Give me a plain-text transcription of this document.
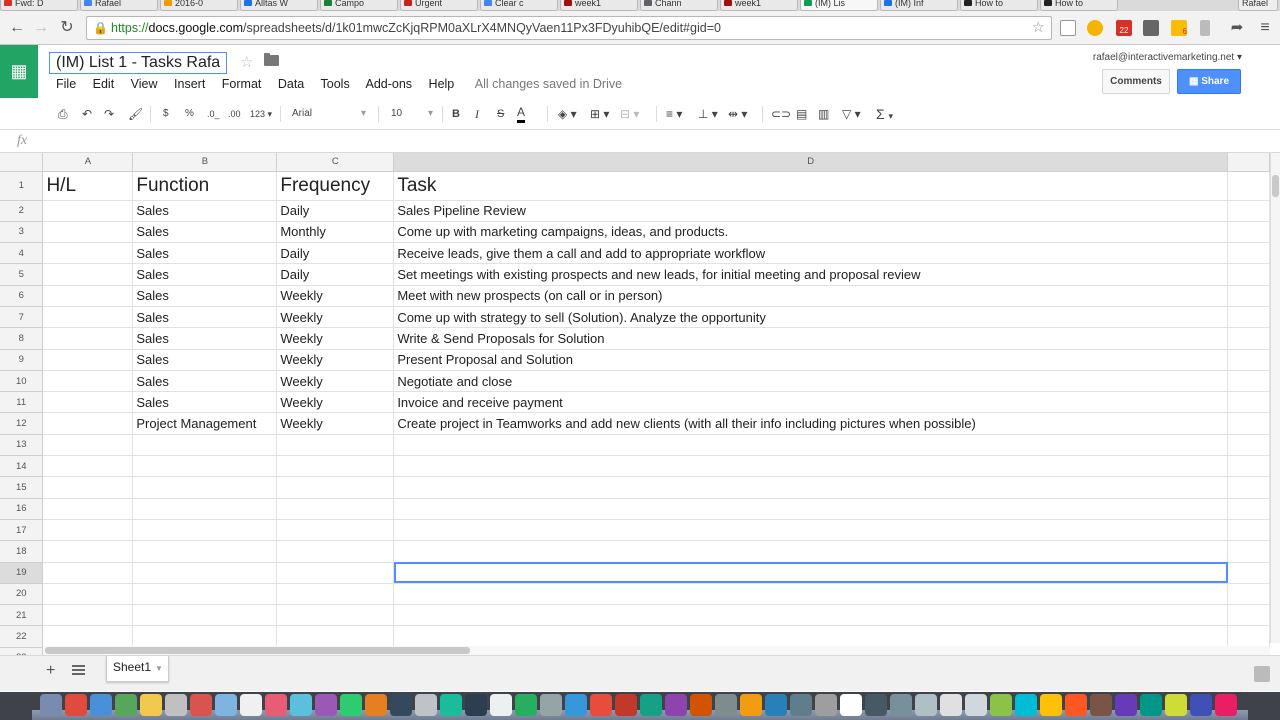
Fwd: D	Rafael	2016-0	Alltas W	Campo	Urgent	Clear c	week1	Chann	week1	(IM) Lis	(IM) Inf	How to	How to	Rafael
← → ↻	🔒 https://docs.google.com/spreadsheets/d/1k01mwcZcKjqRPM0aXLrX4MNQyVaen11Px3FDyuhibQE/edit#gid=0	☆	22	6	➦	≡
▦	(IM) List 1 - Tasks Rafa	☆
File Edit View Insert Format Data Tools Add-ons Help All changes saved in Drive
rafael@interactivemarketing.net ▾
Comments	▦ Share
⎙ ↶ ↷ 🖌 $ % .0_ .00 123 ▾ Arial	▾	10	▾ B I S A	◈ ▾ ⊞ ▾ ⊟ ▾ ≡ ▾ ⊥ ▾ ⇹ ▾ ⊂⊃ ▤ ▥ ▽ ▾ Σ ▾
fx
	A	B	C	D	
1	H/L	Function	Frequency	Task	
2		Sales	Daily	Sales Pipeline Review	
3		Sales	Monthly	Come up with marketing campaigns, ideas, and products.	
4		Sales	Daily	Receive leads, give them a call and add to appropriate workflow	
5		Sales	Daily	Set meetings with existing prospects and new leads, for initial meeting and proposal review	
6		Sales	Weekly	Meet with new prospects (on call or in person)	
7		Sales	Weekly	Come up with strategy to sell (Solution). Analyze the opportunity	
8		Sales	Weekly	Write & Send Proposals for Solution	
9		Sales	Weekly	Present Proposal and Solution	
10		Sales	Weekly	Negotiate and close	
11		Sales	Weekly	Invoice and receive payment	
12		Project Management	Weekly	Create project in Teamworks and add new clients (with all their info including pictures when possible)	
13					
14					
15					
16					
17					
18					
19					
20					
21					
22					

+	Sheet1 ▼
